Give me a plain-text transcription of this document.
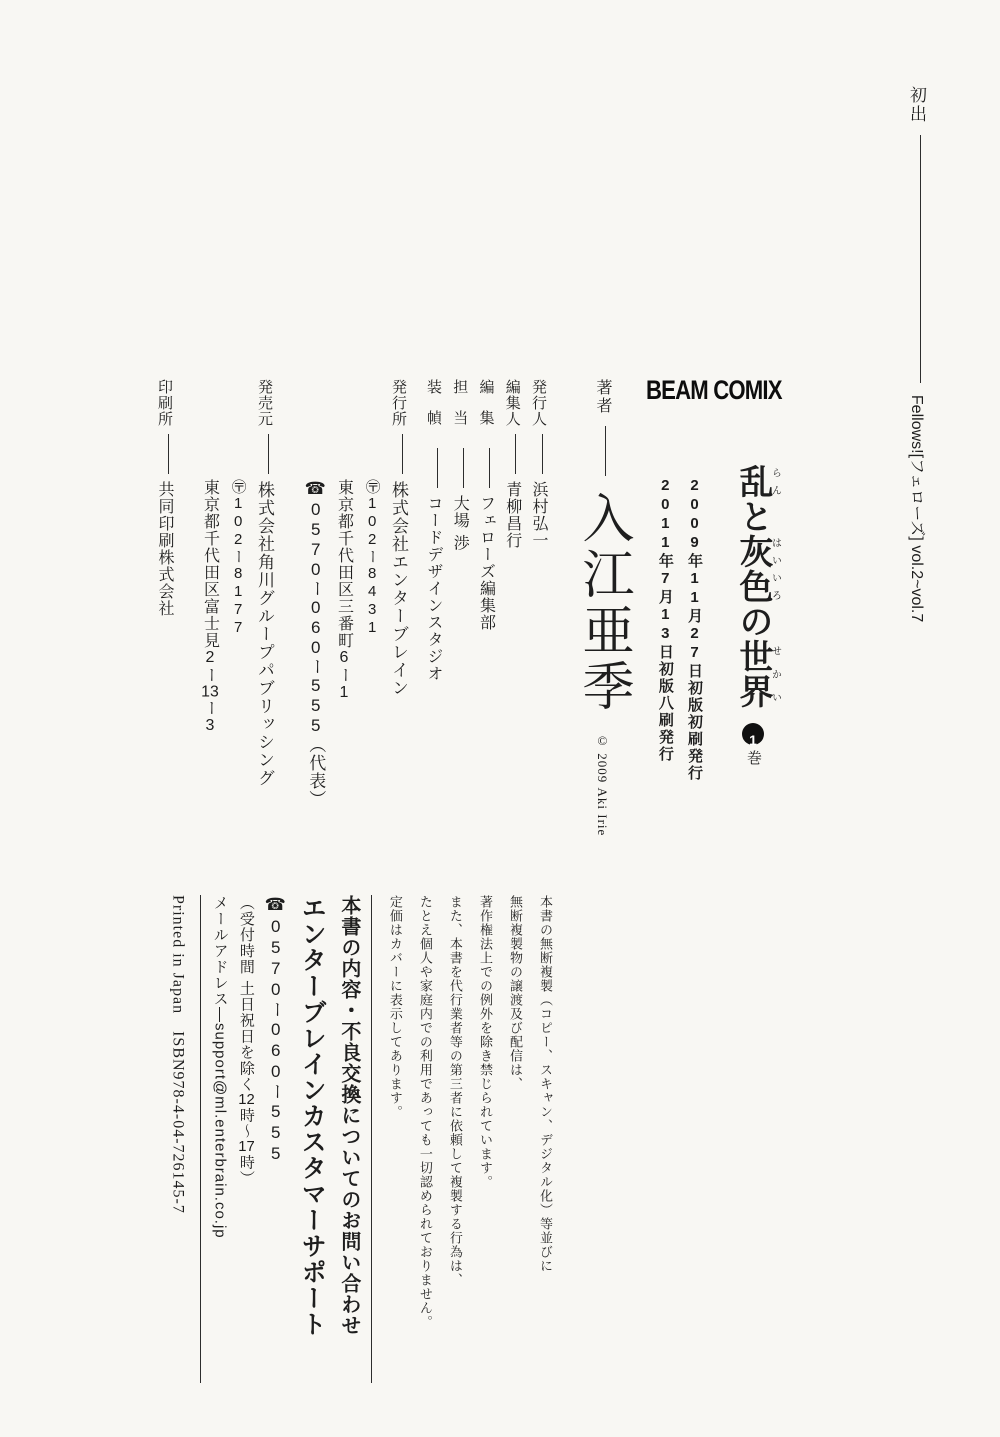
初出  Fellows![フェローズ] vol.2~vol.7
BEAM COMIX
乱らんと灰色はいいろの世界せかい1巻
2009年11月27日初版初刷発行
2011年7月13日初版八刷発行
著者  入江亜季 © 2009 Aki Irie
発行人浜村弘一
編集人青柳昌行
編集フェローズ編集部
担当大場 渉
装幀コードデザインスタジオ
発行所株式会社エンターブレイン
〶102ー8431
東京都千代田区三番町6ー1
☎0570ー060ー555（代表）
発売元株式会社角川グループパブリッシング
〶102ー8177
東京都千代田区富士見2ー13ー3
印刷所共同印刷株式会社
本書の無断複製（コピー、スキャン、デジタル化）等並びに
無断複製物の譲渡及び配信は、
著作権法上での例外を除き禁じられています。
また、本書を代行業者等の第三者に依頼して複製する行為は、
たとえ個人や家庭内での利用であっても一切認められておりません。
定価はカバーに表示してあります。
本書の内容・不良交換についてのお問い合わせ
エンターブレインカスタマーサポート
☎0570ー060ー555
（受付時間 土日祝日を除く12時〜17時）
メールアドレス—support@ml.enterbrain.co.jp
Printed in Japan　ISBN978-4-04-726145-7
